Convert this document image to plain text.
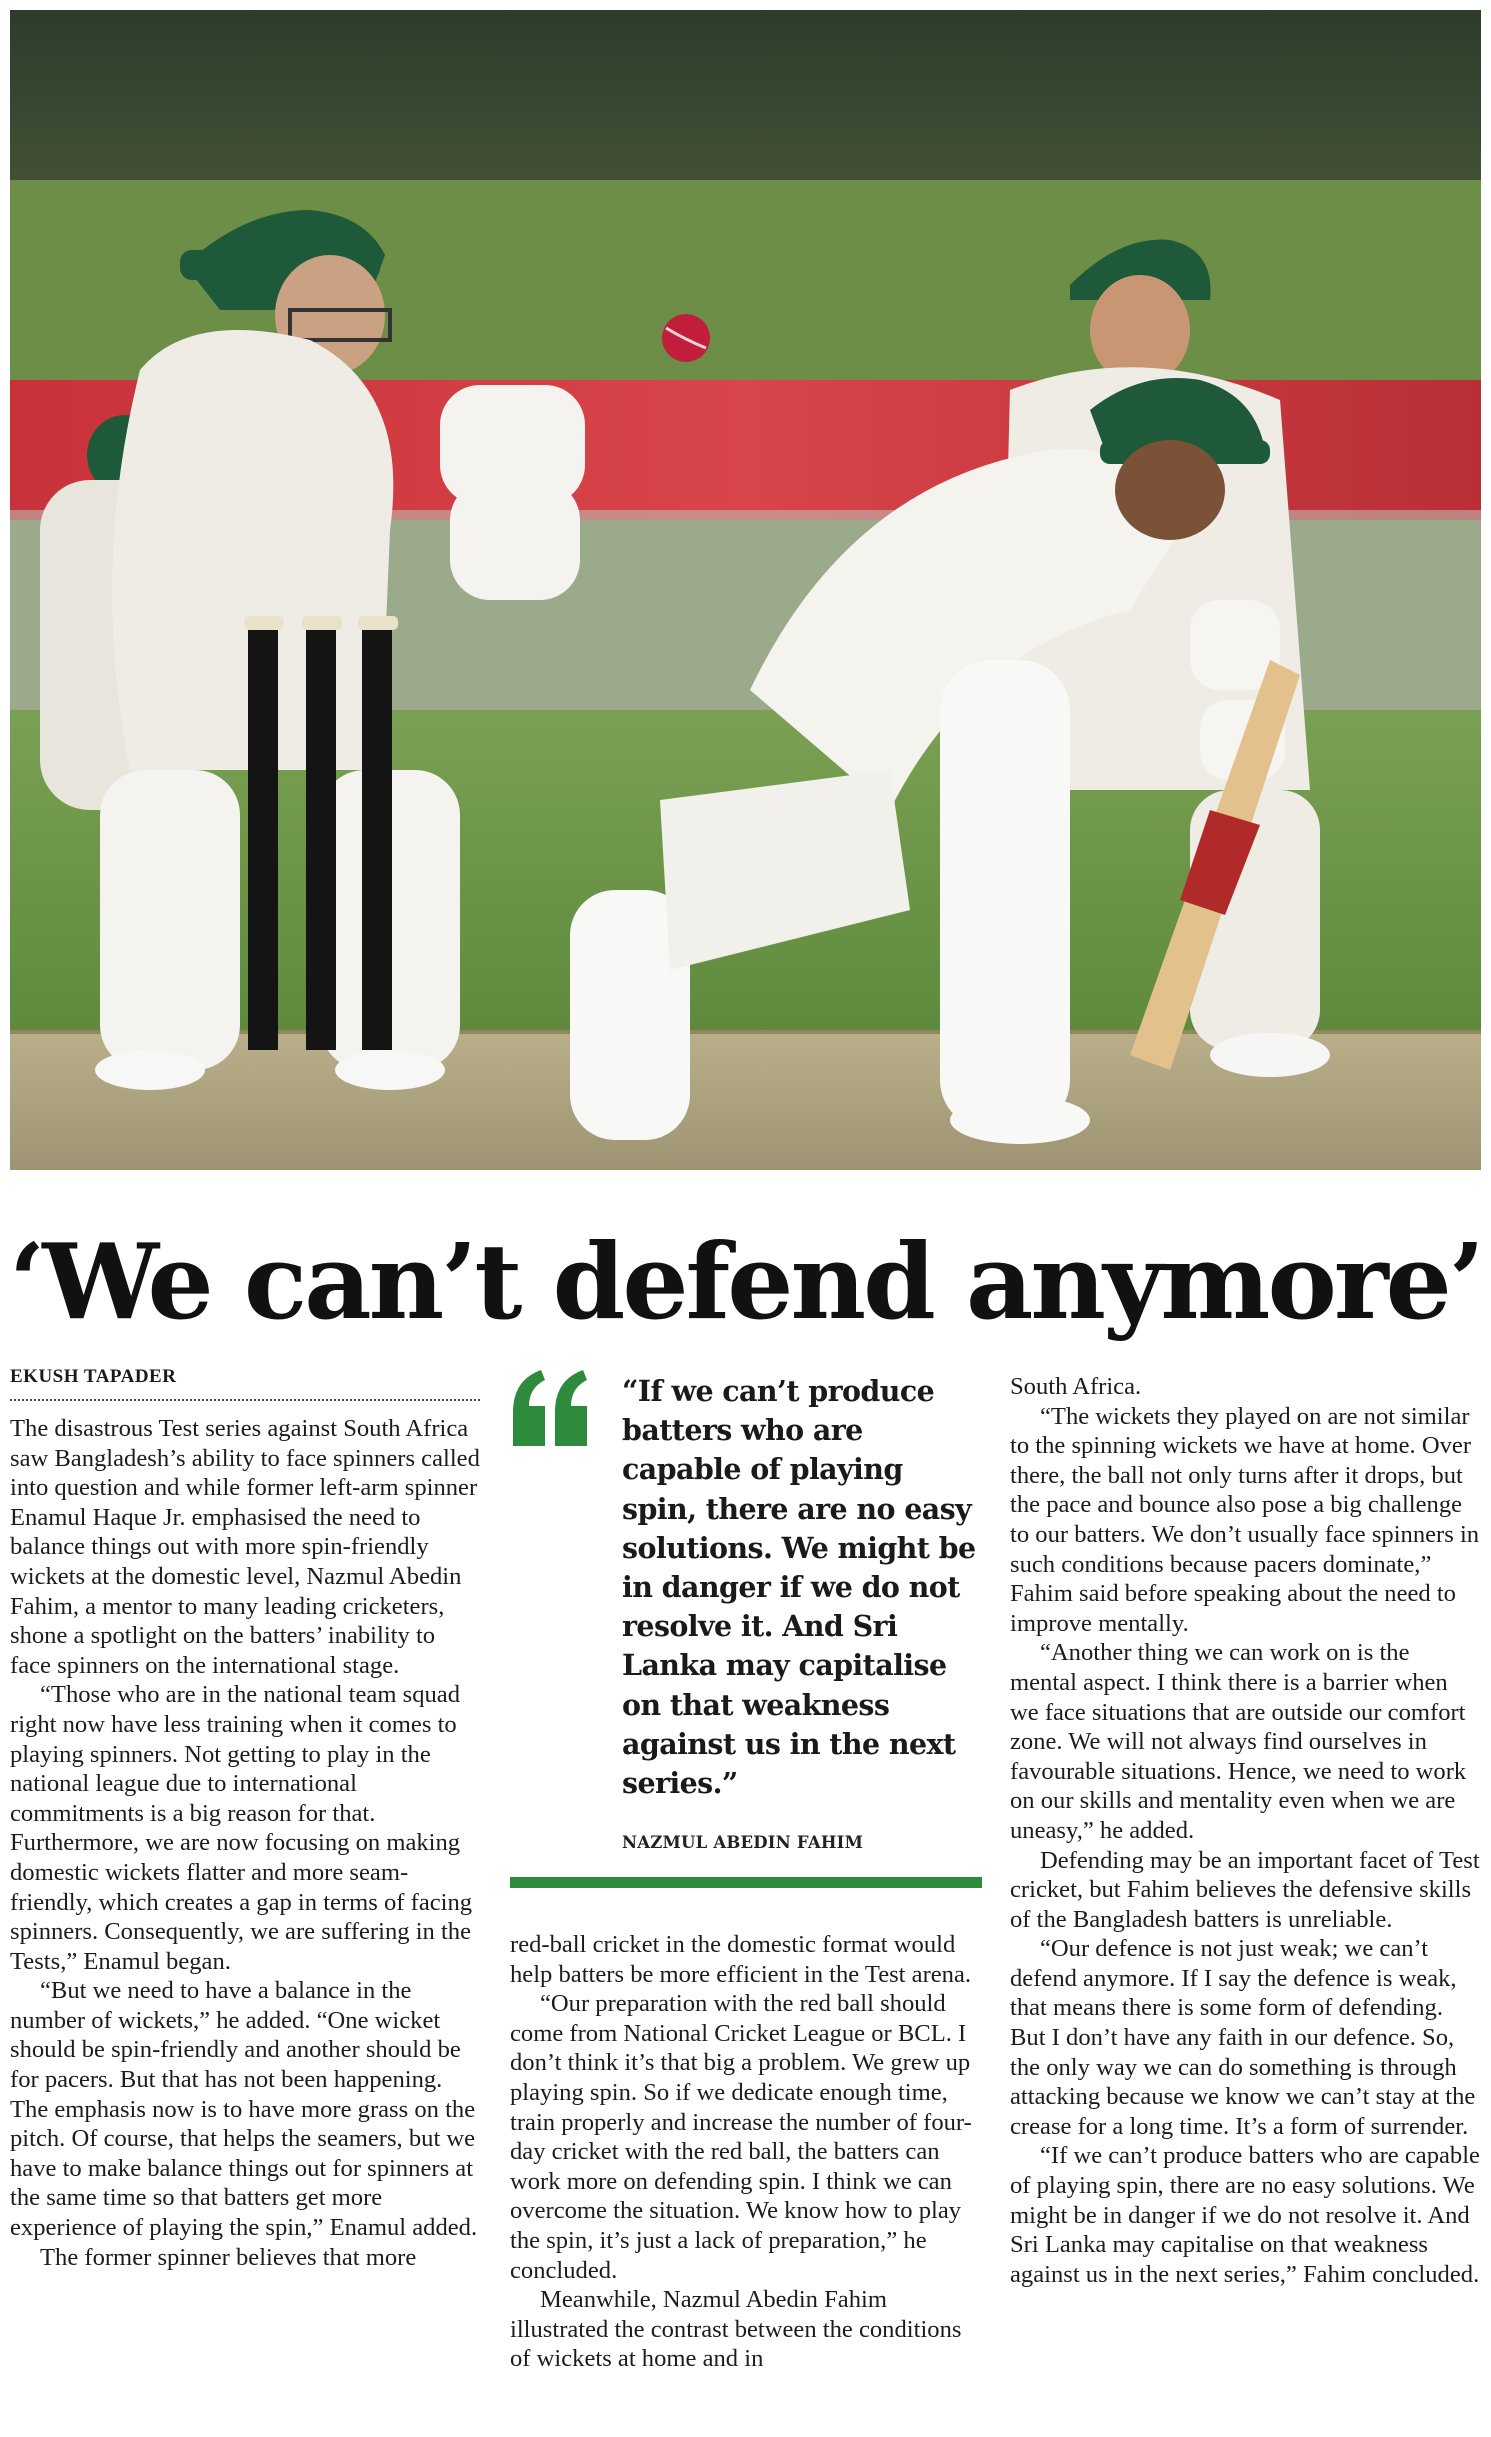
‘We can’t defend anymore’
EKUSH TAPADER

The disastrous Test series against South Africa saw Bangladesh’s ability to face spinners called into question and while former left-arm spinner Enamul Haque Jr. emphasised the need to balance things out with more spin-friendly wickets at the domestic level, Nazmul Abedin Fahim, a mentor to many leading cricketers, shone a spotlight on the batters’ inability to face spinners on the international stage.

“Those who are in the national team squad right now have less training when it comes to playing spinners. Not getting to play in the national league due to international commitments is a big reason for that. Furthermore, we are now focusing on making domestic wickets flatter and more seam-friendly, which creates a gap in terms of facing spinners. Consequently, we are suffering in the Tests,” Enamul began.

“But we need to have a balance in the number of wickets,” he added. “One wicket should be spin-friendly and another should be for pacers. But that has not been happening. The emphasis now is to have more grass on the pitch. Of course, that helps the seamers, but we have to make balance things out for spinners at the same time so that batters get more experience of playing the spin,” Enamul added.

The former spinner believes that more

“If we can’t produce batters who are capable of playing spin, there are no easy solutions. We might be in danger if we do not resolve it. And Sri Lanka may capitalise on that weakness against us in the next series.”
NAZMUL ABEDIN FAHIM

red-ball cricket in the domestic format would help batters be more efficient in the Test arena.

“Our preparation with the red ball should come from National Cricket League or BCL. I don’t think it’s that big a problem. We grew up playing spin. So if we dedicate enough time, train properly and increase the number of four-day cricket with the red ball, the batters can work more on defending spin. I think we can overcome the situation. We know how to play the spin, it’s just a lack of preparation,” he concluded.

Meanwhile, Nazmul Abedin Fahim illustrated the contrast between the conditions of wickets at home and in

South Africa.

“The wickets they played on are not similar to the spinning wickets we have at home. Over there, the ball not only turns after it drops, but the pace and bounce also pose a big challenge to our batters. We don’t usually face spinners in such conditions because pacers dominate,” Fahim said before speaking about the need to improve mentally.

“Another thing we can work on is the mental aspect. I think there is a barrier when we face situations that are outside our comfort zone. We will not always find ourselves in favourable situations. Hence, we need to work on our skills and mentality even when we are uneasy,” he added.

Defending may be an important facet of Test cricket, but Fahim believes the defensive skills of the Bangladesh batters is unreliable.

“Our defence is not just weak; we can’t defend anymore. If I say the defence is weak, that means there is some form of defending. But I don’t have any faith in our defence. So, the only way we can do something is through attacking because we know we can’t stay at the crease for a long time. It’s a form of surrender.

“If we can’t produce batters who are capable of playing spin, there are no easy solutions. We might be in danger if we do not resolve it. And Sri Lanka may capitalise on that weakness against us in the next series,” Fahim concluded.
